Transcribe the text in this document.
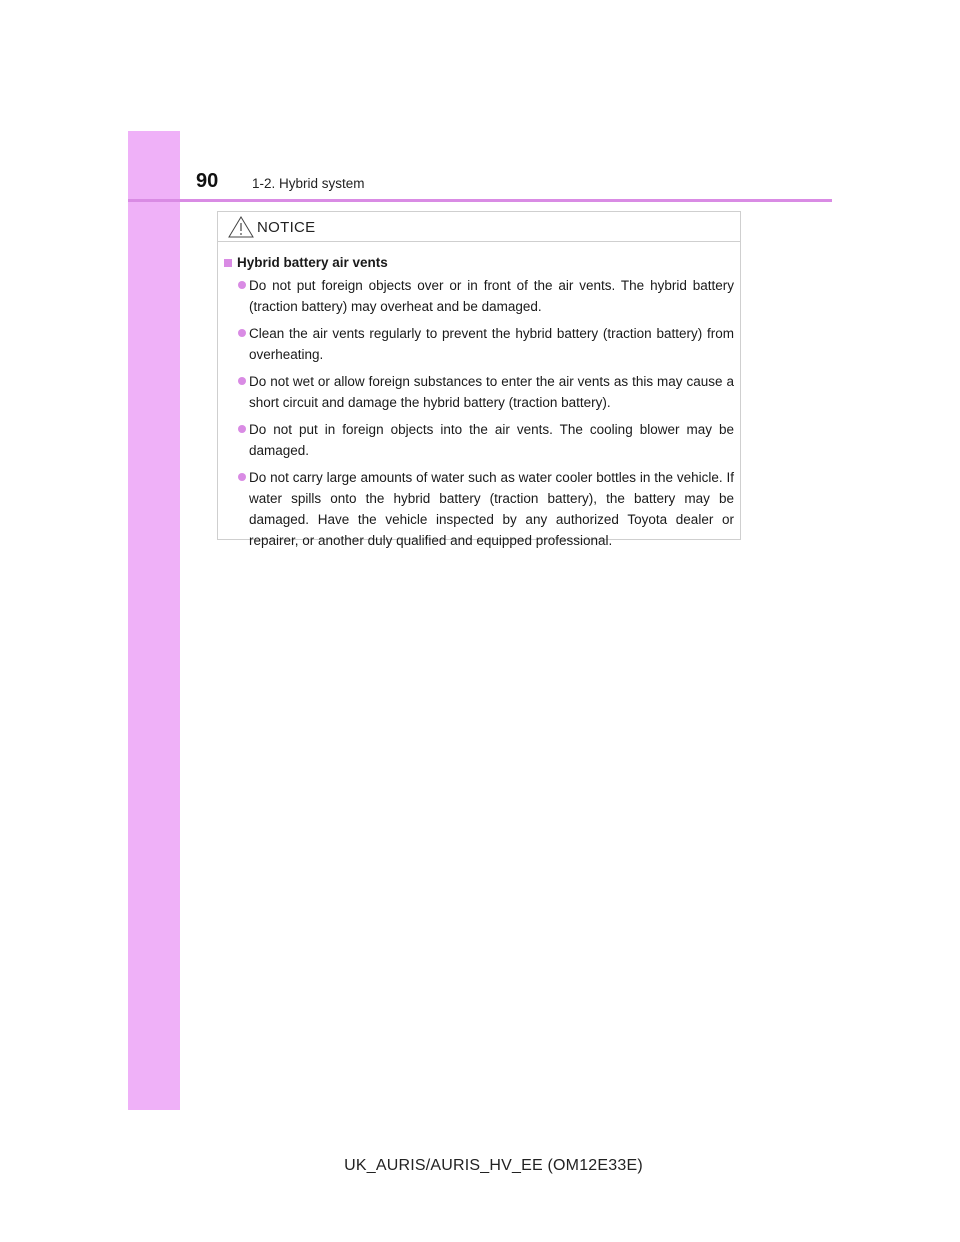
90	1-2. Hybrid system
NOTICE
Hybrid battery air vents
Do not put foreign objects over or in front of the air vents. The hybrid battery (traction battery) may overheat and be damaged.
Clean the air vents regularly to prevent the hybrid battery (traction battery) from overheating.
Do not wet or allow foreign substances to enter the air vents as this may cause a short circuit and damage the hybrid battery (traction battery).
Do not put in foreign objects into the air vents. The cooling blower may be damaged.
Do not carry large amounts of water such as water cooler bottles in the vehicle. If water spills onto the hybrid battery (traction battery), the battery may be damaged. Have the vehicle inspected by any authorized Toyota dealer or repairer, or another duly qualified and equipped professional.
UK_AURIS/AURIS_HV_EE (OM12E33E)
